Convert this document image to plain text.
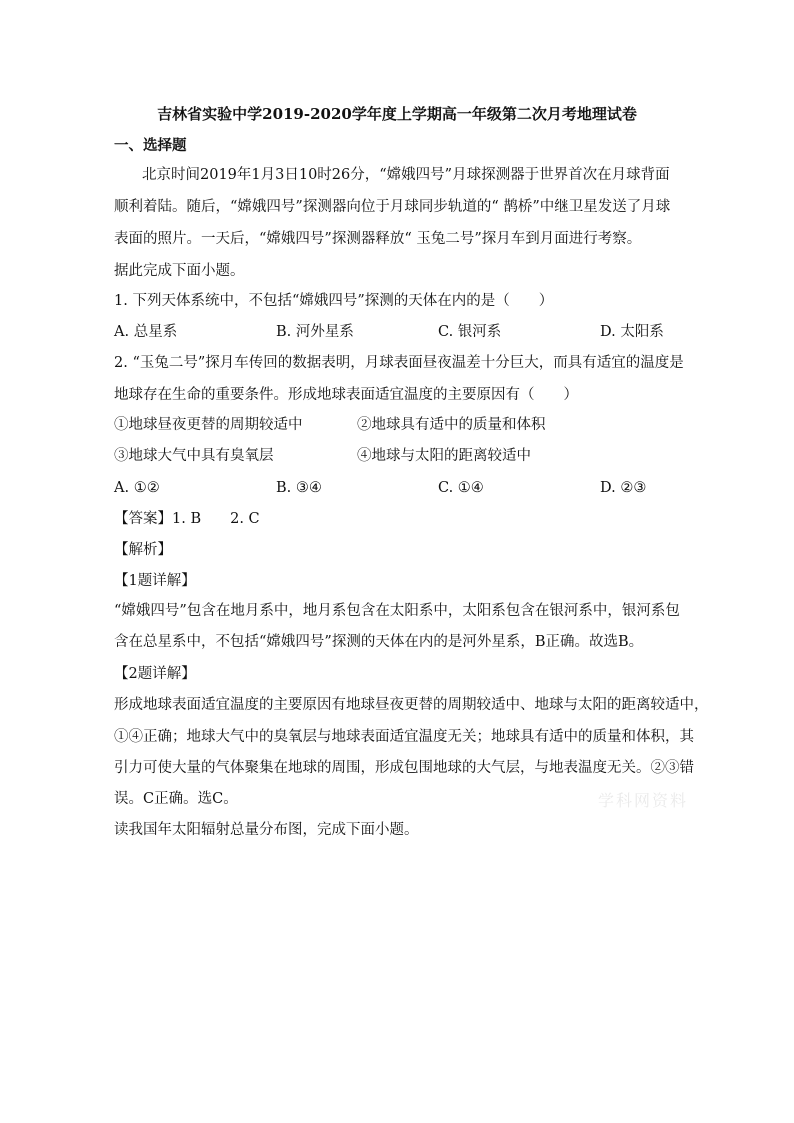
吉林省实验中学2019-2020学年度上学期高一年级第二次月考地理试卷
一、选择题
北京时间2019年1月3日10时26分，“嫦娥四号”月球探测器于世界首次在月球背面
顺利着陆。随后，“嫦娥四号”探测器向位于月球同步轨道的“ 鹊桥”中继卫星发送了月球
表面的照片。一天后，“嫦娥四号”探测器释放“ 玉兔二号”探月车到月面进行考察。
据此完成下面小题。
1. 下列天体系统中，不包括“嫦娥四号”探测的天体在内的是（　　）
A. 总星系	B. 河外星系	C. 银河系	D. 太阳系
2. “玉兔二号”探月车传回的数据表明，月球表面昼夜温差十分巨大，而具有适宜的温度是
地球存在生命的重要条件。形成地球表面适宜温度的主要原因有（　　）
①地球昼夜更替的周期较适中	②地球具有适中的质量和体积
③地球大气中具有臭氧层	④地球与太阳的距离较适中
A. ①②	B. ③④	C. ①④	D. ②③
【答案】1. B　　2. C
【解析】
【1题详解】
“嫦娥四号”包含在地月系中，地月系包含在太阳系中，太阳系包含在银河系中，银河系包
含在总星系中，不包括“嫦娥四号”探测的天体在内的是河外星系，B正确。故选B。
【2题详解】
形成地球表面适宜温度的主要原因有地球昼夜更替的周期较适中、地球与太阳的距离较适中，
①④正确；地球大气中的臭氧层与地球表面适宜温度无关；地球具有适中的质量和体积，其
引力可使大量的气体聚集在地球的周围，形成包围地球的大气层，与地表温度无关。②③错
误。C正确。选C。
读我国年太阳辐射总量分布图，完成下面小题。
学科网资料
